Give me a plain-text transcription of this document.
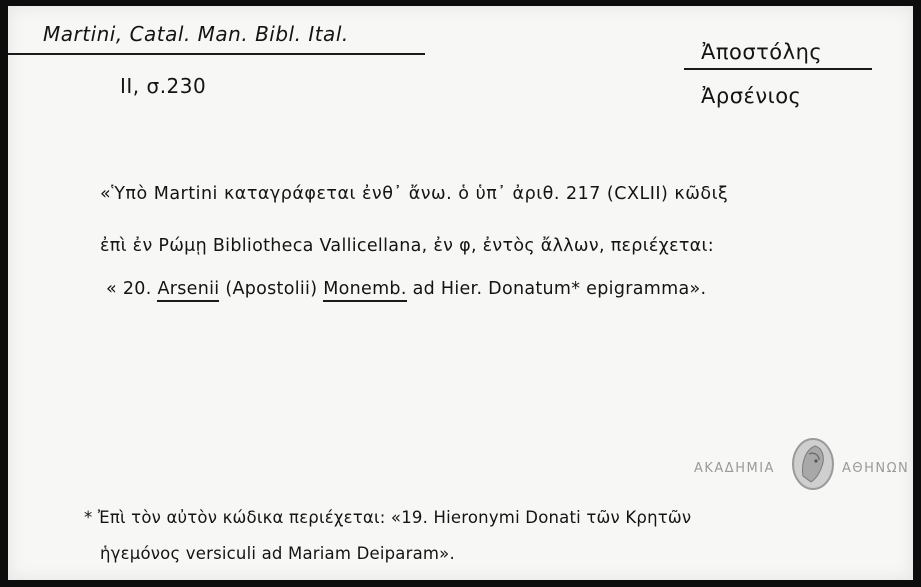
Martini, Catal. Man. Bibl. Ital.
II, σ.230
Ἀποστόλης
Ἀρσένιος
«Ὑπὸ Martini καταγράφεται ἐνθ᾽ ἄνω. ὁ ὑπ᾽ ἀριθ. 217 (CXLII) κῶδιξ
ἐπὶ ἐν Ρώμῃ Bibliotheca Vallicellana, ἐν φ, ἐντὸς ἄλλων, περιέχεται:
« 20. Arsenii (Apostolii) Monemb. ad Hier. Donatum* epigramma».
ΑΚΑΔΗΜΙΑ	ΑΘΗΝΩΝ
* Ἐπὶ τὸν αὐτὸν κώδικα περιέχεται: «19. Hieronymi Donati τῶν Κρητῶν
ἡγεμόνος versiculi ad Mariam Deiparam».
